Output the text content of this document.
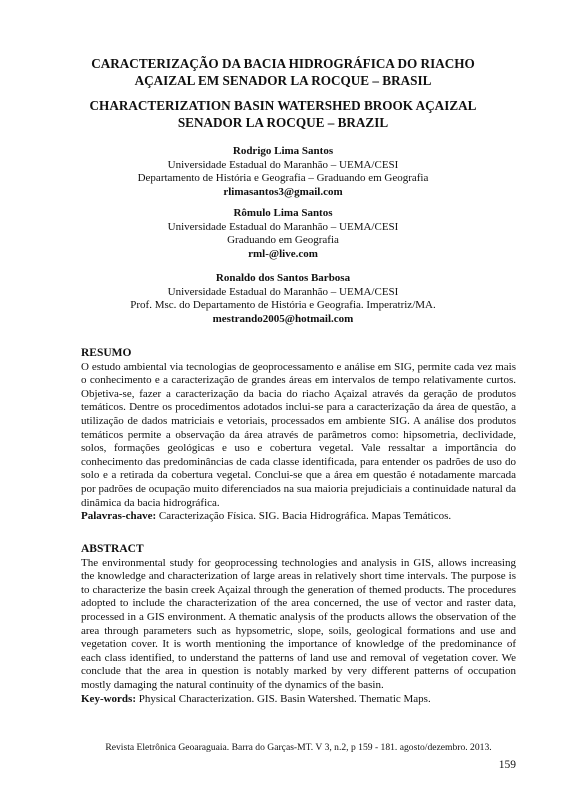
CARACTERIZAÇÃO DA BACIA HIDROGRÁFICA DO RIACHO AÇAIZAL EM SENADOR LA ROCQUE – BRASIL
CHARACTERIZATION BASIN WATERSHED BROOK AÇAIZAL SENADOR LA ROCQUE – BRAZIL
Rodrigo Lima Santos
Universidade Estadual do Maranhão – UEMA/CESI
Departamento de História e Geografia – Graduando em Geografia
rlimasantos3@gmail.com
Rômulo Lima Santos
Universidade Estadual do Maranhão – UEMA/CESI
Graduando em Geografia
rml-@live.com
Ronaldo dos Santos Barbosa
Universidade Estadual do Maranhão – UEMA/CESI
Prof. Msc. do Departamento de História e Geografia. Imperatriz/MA.
mestrando2005@hotmail.com
RESUMO
O estudo ambiental via tecnologias de geoprocessamento e análise em SIG, permite cada vez mais o conhecimento e a caracterização de grandes áreas em intervalos de tempo relativamente curtos. Objetiva-se, fazer a caracterização da bacia do riacho Açaizal através da geração de produtos temáticos. Dentre os procedimentos adotados inclui-se para a caracterização da área de questão, a utilização de dados matriciais e vetoriais, processados em ambiente SIG. A análise dos produtos temáticos permite a observação da área através de parâmetros como: hipsometria, declividade, solos, formações geológicas e uso e cobertura vegetal. Vale ressaltar a importância do conhecimento das predominâncias de cada classe identificada, para entender os padrões de uso do solo e a retirada da cobertura vegetal. Conclui-se que a área em questão é notadamente marcada por padrões de ocupação muito diferenciados na sua maioria prejudiciais a continuidade natural da dinâmica da bacia hidrográfica.
Palavras-chave: Caracterização Física. SIG. Bacia Hidrográfica. Mapas Temáticos.
ABSTRACT
The environmental study for geoprocessing technologies and analysis in GIS, allows increasing the knowledge and characterization of large areas in relatively short time intervals. The purpose is to characterize the basin creek Açaizal through the generation of themed products. The procedures adopted to include the characterization of the area concerned, the use of vector and raster data, processed in a GIS environment. A thematic analysis of the products allows the observation of the area through parameters such as hypsometric, slope, soils, geological formations and use and vegetation cover. It is worth mentioning the importance of knowledge of the predominance of each class identified, to understand the patterns of land use and removal of vegetation cover. We conclude that the area in question is notably marked by very different patterns of occupation mostly damaging the natural continuity of the dynamics of the basin.
Key-words: Physical Characterization. GIS. Basin Watershed. Thematic Maps.
Revista Eletrônica Geoaraguaia. Barra do Garças-MT. V 3, n.2, p 159 - 181. agosto/dezembro. 2013.
159
